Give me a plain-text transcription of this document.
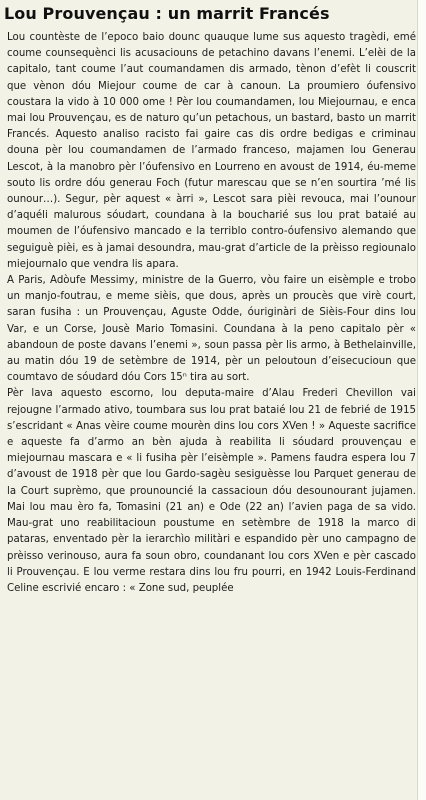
Lou Prouvençau : un marrit Francés

Lou countèste de l’epoco baio dounc quauque lume sus aquesto tragèdi, emé coume counsequènci lis acusaciouns de petachino davans l’enemi. L’elèi de la capitalo, tant coume l’aut coumandamen dis armado, tènon d’efèt li couscrit que vènon dóu Miejour coume de car à canoun. La proumiero óufensivo coustara la vido à 10 000 ome ! Pèr lou coumandamen, lou Miejournau, e enca mai lou Prouvençau, es de naturo qu’un petachous, un bastard, basto un marrit Francés. Aquesto analiso racisto fai gaire cas dis ordre bedigas e criminau douna pèr lou coumandamen de l’armado franceso, majamen lou Generau Lescot, à la manobro pèr l’óufensivo en Lourreno en avoust de 1914, éu-meme souto lis ordre dóu generau Foch (futur marescau que se n’en sourtira ’mé lis ounour…). Segur, pèr aquest « àrri », Lescot sara pièi revouca, mai l’ounour d’aquéli malurous sóudart, coundana à la boucharié sus lou prat bataié au moumen de l’óufensivo mancado e la terriblo contro-óufensivo alemando que seguiguè pièi, es à jamai desoundra, mau-grat d’article de la prèisso regiounalo miejournalo que vendra lis apara.

A Paris, Adòufe Messimy, ministre de la Guerro, vòu faire un eisèmple e trobo un manjo-foutrau, e meme sièis, que dous, après un proucès que virè court, saran fusiha : un Prouvençau, Aguste Odde, óuriginàri de Sièis-Four dins lou Var, e un Corse, Jousè Mario Tomasini. Coundana à la peno capitalo pèr « abandoun de poste davans l’enemi », soun passa pèr lis armo, à Bethelainville, au matin dóu 19 de setèmbre de 1914, pèr un peloutoun d’eisecucioun que coumtavo de sóudard dóu Cors 15ⁿ tira au sort.

Pèr lava aquesto escorno, lou deputa-maire d’Alau Frederi Chevillon vai rejougne l’armado ativo, toumbara sus lou prat bataié lou 21 de febrié de 1915 s’escridant « Anas vèire coume mourèn dins lou cors XVen ! » Aqueste sacrifice e aqueste fa d’armo an bèn ajuda à reabilita li sóudard prouvençau e miejournau mascara e « li fusiha pèr l’eisèmple ». Pamens faudra espera lou 7 d’avoust de 1918 pèr que lou Gardo-sagèu sesiguèsse lou Parquet generau de la Court suprèmo, que prounouncié la cassacioun dóu desounourant jujamen. Mai lou mau èro fa, Tomasini (21 an) e Ode (22 an) l’avien paga de sa vido. Mau-grat uno reabilitacioun poustume en setèmbre de 1918 la marco di pataras, enventado pèr la ierarchìo militàri e espandido pèr uno campagno de prèisso verinouso, aura fa soun obro, coundanant lou cors XVen e pèr cascado li Prouvençau. E lou verme restara dins lou fru pourri, en 1942 Louis-Ferdinand Celine escrivié encaro : « Zone sud, peuplée
